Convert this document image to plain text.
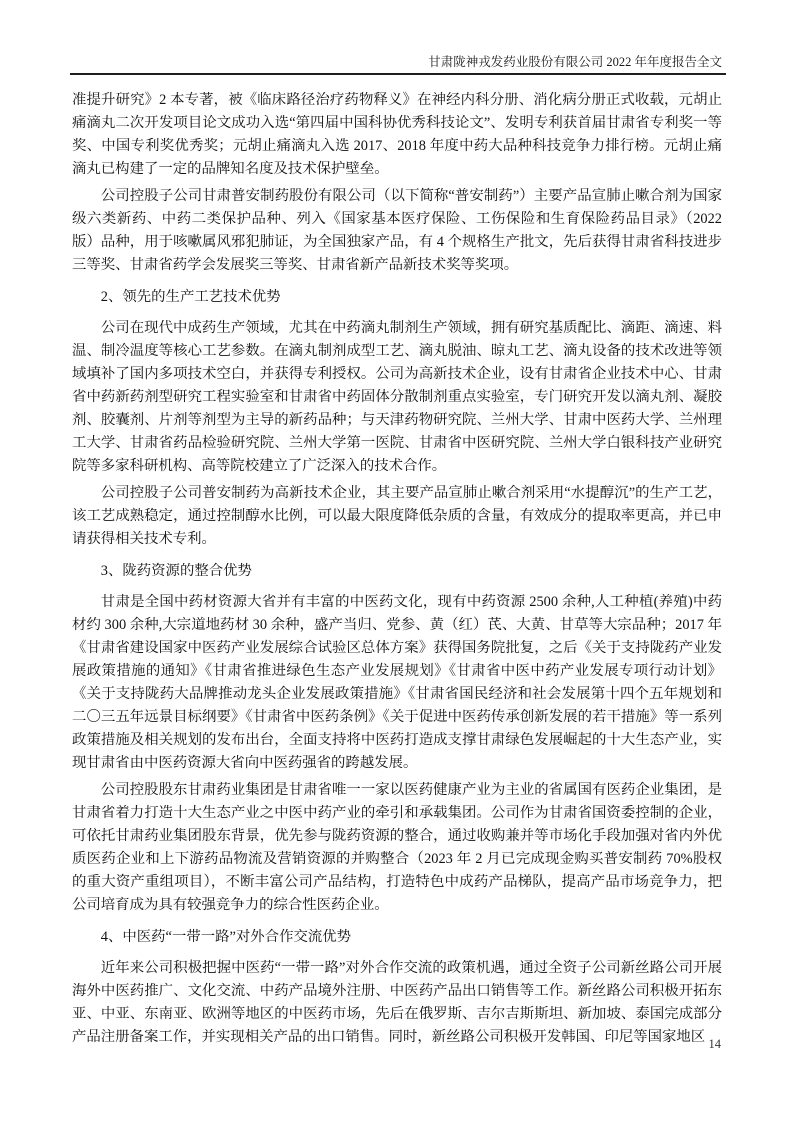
甘肃陇神戎发药业股份有限公司 2022 年年度报告全文

准提升研究》2 本专著，被《临床路径治疗药物释义》在神经内科分册、消化病分册正式收载，元胡止痛滴丸二次开发项目论文成功入选“第四届中国科协优秀科技论文”、发明专利获首届甘肃省专利奖一等奖、中国专利奖优秀奖；元胡止痛滴丸入选 2017、2018 年度中药大品种科技竞争力排行榜。元胡止痛滴丸已构建了一定的品牌知名度及技术保护壁垒。

公司控股子公司甘肃普安制药股份有限公司（以下简称“普安制药”）主要产品宣肺止嗽合剂为国家级六类新药、中药二类保护品种、列入《国家基本医疗保险、工伤保险和生育保险药品目录》（2022 版）品种，用于咳嗽属风邪犯肺证，为全国独家产品，有 4 个规格生产批文，先后获得甘肃省科技进步三等奖、甘肃省药学会发展奖三等奖、甘肃省新产品新技术奖等奖项。

2、领先的生产工艺技术优势

公司在现代中成药生产领域，尤其在中药滴丸制剂生产领域，拥有研究基质配比、滴距、滴速、料温、制冷温度等核心工艺参数。在滴丸制剂成型工艺、滴丸脱油、晾丸工艺、滴丸设备的技术改进等领域填补了国内多项技术空白，并获得专利授权。公司为高新技术企业，设有甘肃省企业技术中心、甘肃省中药新药剂型研究工程实验室和甘肃省中药固体分散制剂重点实验室，专门研究开发以滴丸剂、凝胶剂、胶囊剂、片剂等剂型为主导的新药品种；与天津药物研究院、兰州大学、甘肃中医药大学、兰州理工大学、甘肃省药品检验研究院、兰州大学第一医院、甘肃省中医研究院、兰州大学白银科技产业研究院等多家科研机构、高等院校建立了广泛深入的技术合作。

公司控股子公司普安制药为高新技术企业，其主要产品宣肺止嗽合剂采用“水提醇沉”的生产工艺，该工艺成熟稳定，通过控制醇水比例，可以最大限度降低杂质的含量，有效成分的提取率更高，并已申请获得相关技术专利。

3、陇药资源的整合优势

甘肃是全国中药材资源大省并有丰富的中医药文化，现有中药资源 2500 余种,人工种植(养殖)中药材约 300 余种,大宗道地药材 30 余种，盛产当归、党参、黄（红）芪、大黄、甘草等大宗品种；2017 年《甘肃省建设国家中医药产业发展综合试验区总体方案》获得国务院批复，之后《关于支持陇药产业发展政策措施的通知》《甘肃省推进绿色生态产业发展规划》《甘肃省中医中药产业发展专项行动计划》《关于支持陇药大品牌推动龙头企业发展政策措施》《甘肃省国民经济和社会发展第十四个五年规划和二〇三五年远景目标纲要》《甘肃省中医药条例》《关于促进中医药传承创新发展的若干措施》等一系列政策措施及相关规划的发布出台，全面支持将中医药打造成支撑甘肃绿色发展崛起的十大生态产业，实现甘肃省由中医药资源大省向中医药强省的跨越发展。

公司控股股东甘肃药业集团是甘肃省唯一一家以医药健康产业为主业的省属国有医药企业集团，是甘肃省着力打造十大生态产业之中医中药产业的牵引和承载集团。公司作为甘肃省国资委控制的企业，可依托甘肃药业集团股东背景，优先参与陇药资源的整合，通过收购兼并等市场化手段加强对省内外优质医药企业和上下游药品物流及营销资源的并购整合（2023 年 2 月已完成现金购买普安制药 70%股权的重大资产重组项目），不断丰富公司产品结构，打造特色中成药产品梯队，提高产品市场竞争力，把公司培育成为具有较强竞争力的综合性医药企业。

4、中医药“一带一路”对外合作交流优势

近年来公司积极把握中医药“一带一路”对外合作交流的政策机遇，通过全资子公司新丝路公司开展海外中医药推广、文化交流、中药产品境外注册、中医药产品出口销售等工作。新丝路公司积极开拓东亚、中亚、东南亚、欧洲等地区的中医药市场，先后在俄罗斯、吉尔吉斯斯坦、新加坡、泰国完成部分产品注册备案工作，并实现相关产品的出口销售。同时，新丝路公司积极开发韩国、印尼等国家地区 14
